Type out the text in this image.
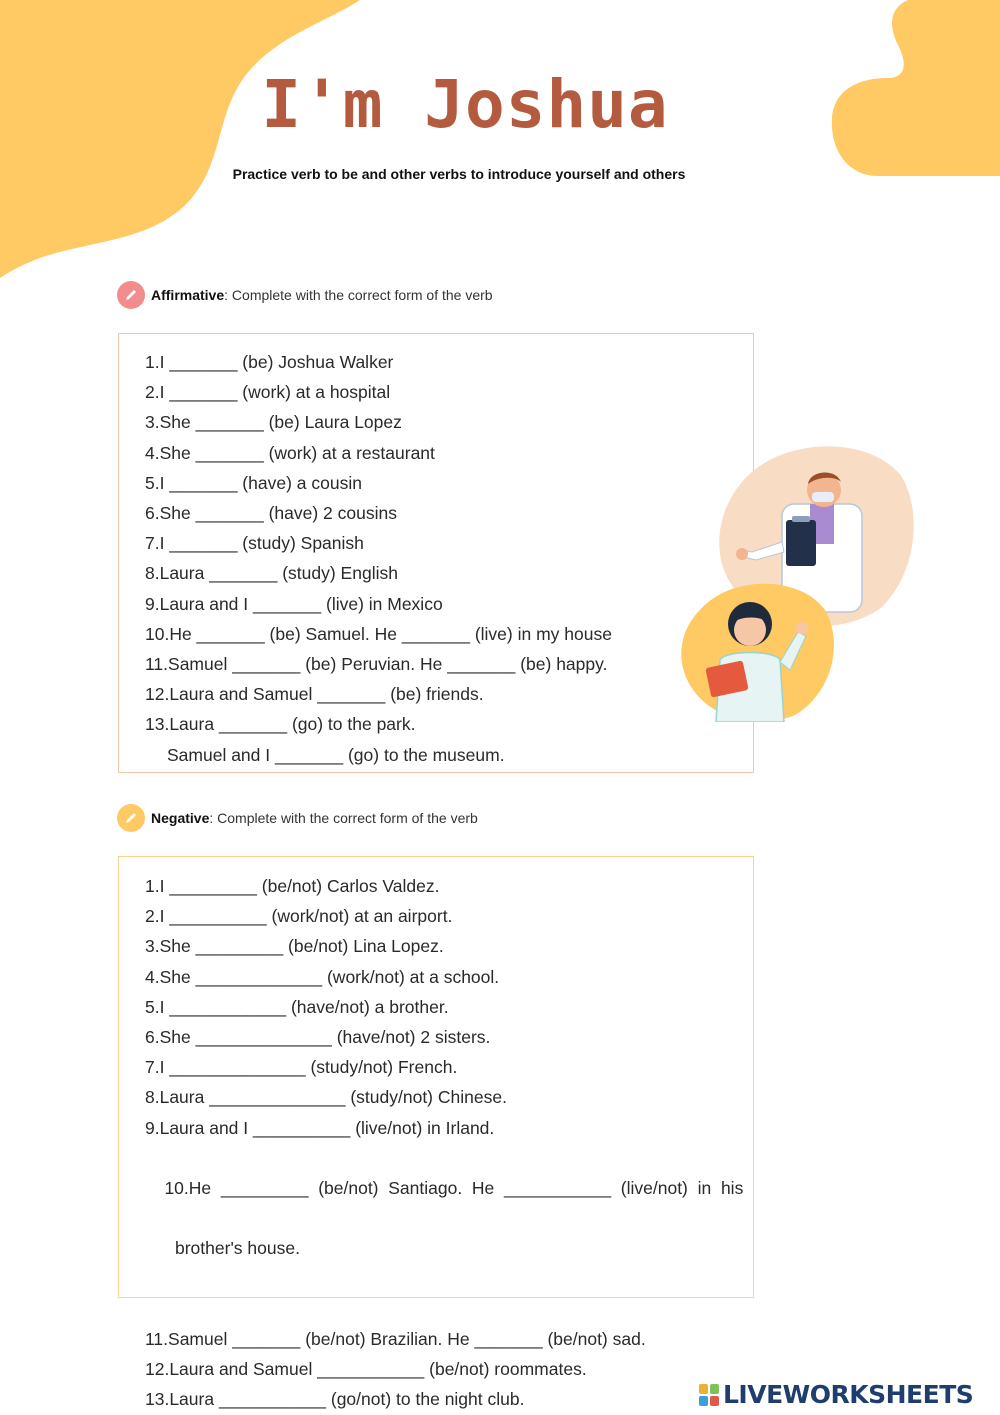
I'm Joshua
Practice verb to be and other verbs to introduce yourself and others
Affirmative : Complete with the correct form of the verb
1.I _______ (be) Joshua Walker
2.I _______ (work) at a hospital
3.She _______ (be) Laura Lopez
4.She _______ (work) at a restaurant
5.I _______ (have) a cousin
6.She _______ (have) 2 cousins
7.I _______ (study) Spanish
8.Laura _______ (study) English
9.Laura and I _______ (live) in Mexico
10.He _______ (be) Samuel. He _______ (live) in my house
11.Samuel _______ (be) Peruvian. He _______ (be) happy.
12.Laura and Samuel _______ (be) friends.
13.Laura _______ (go) to the park.
Samuel and I _______ (go) to the museum.
Negative : Complete with the correct form of the verb
1.I _________ (be/not) Carlos Valdez.
2.I __________ (work/not) at an airport.
3.She _________ (be/not) Lina Lopez.
4.She _____________ (work/not) at a school.
5.I ____________ (have/not) a brother.
6.She ______________ (have/not) 2 sisters.
7.I ______________ (study/not) French.
8.Laura ______________ (study/not) Chinese.
9.Laura and I __________ (live/not) in Irland.

10.He  _________  (be/not)  Santiago.  He  ___________  (live/not)  in  his

brother's house.

11.Samuel _______ (be/not) Brazilian. He _______ (be/not) sad.
12.Laura and Samuel ___________ (be/not) roommates.
13.Laura ___________ (go/not) to the night club.	LIVEWORKSHEETS
